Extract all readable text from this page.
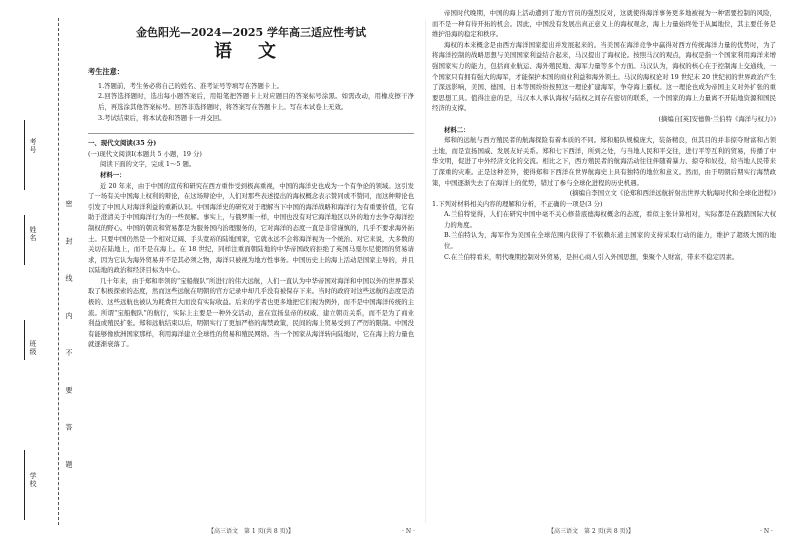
考号
姓名
班级
学校	密 封 线 内 不 要 答 题
金色阳光—2024—2025 学年高三适应性考试
语文
考生注意：

1.答题前，考生务必将自己的姓名、准考证号等填写在答题卡上。

2.回答选择题时，选出每小题答案后，用铅笔把答题卡上对应题目的答案标号涂黑。如需改动，用橡皮擦干净后，再选涂其他答案标号。回答非选择题时，将答案写在答题卡上。写在本试卷上无效。

3.考试结束后，将本试卷和答题卡一并交回。

一、现代文阅读(35 分)

(一)现代文阅读Ⅰ(本题共 5 小题，19 分)

阅读下面的文字，完成 1～5 题。

材料一：

近 20 年来，由于中国的宣传和研究在西方重作受到极高重视，中国的海洋史也成为一个有争论的领域。这引发了一场有关中国海上权利的辩论，在这场辩论中，人们对那些表述提出的海权概念表示赞同或不赞同，而这种辩论也引发了中国人对海洋利益的重新认识。中国海洋史的研究对于理解当下中国的海洋战略和海洋行为有重要价值，它有助于澄清关于中国海洋行为的一些误解。事实上，与俄罗斯一样，中国也没有对它海洋地区以外的地方去争夺海洋控制权的野心。中国的朝贡和贸易都是为服务国内治理服务的，它对海洋的态度一直是非常谨慎的，几乎不要求海外拓土。只要中国仍然是一个相对辽阔、手头宽裕的陆地国家，它就永远不会将海洋视为一个统治、对它来说，大多数的关切在陆地上，而不是在海上。在 18 世纪，同样注重面朝陆地的中华帝国政府拒绝了英国马戛尔尼使团的贸易请求，因为它认为海外贸易并不是其必须之物，海洋只被视为地方性事务。中国历史上的海上活动是国家主导的，并且以陆地的政治和经济目标为中心。

几十年来，由于郑和率领的“宝船舰队”所进行的伟大远航，人们一直认为中华帝国对海洋和中国以外的世界都采取了积极探索的态度，然而这些远航在明朝的官方记录中却几乎没有被保存下来。当时的政府对这些远航的态度是消极的、这些远航也被认为耗费巨大而没有实际收益。后来的学者也更多地把它们视为例外，而不是中国海洋传统的主流。所谓“宝船舰队”的航行，实际上主要是一种外交活动，意在宣扬皇帝的权威、建立朝贡关系，而不是为了商业利益或殖民扩张。郑和远航结束以后，明朝实行了更加严格的海禁政策，民间的海上贸易受到了严厉的限制。中国没有能够像欧洲国家那样，利用海洋建立全球性的贸易和殖民网络。当一个国家从海洋转向陆地时，它在海上的力量也就逐渐衰落了。

帝国时代晚期，中国的海上活动遭到了地方官员的强烈反对，这就使得海洋事务更多地被视为一种需要控制的风险，而不是一种有待开拓的机会。因此，中国没有发展出真正意义上的海权观念，海上力量始终处于从属地位，其主要任务是维护沿海的稳定和秩序。

海权的本来概念是由西方海洋国家提出并发展起来的。当美国在海洋竞争中赢得对西方传统海洋力量的优势时，为了将海洋控制的战略思想与美国国家利益结合起来，马汉提出了海权论。按照马汉的观点，海权是指一个国家利用海洋来增强国家实力的能力，包括商业航运、海外殖民地、海军力量等多个方面。马汉认为，海权的核心在于控制海上交通线，一个国家只有拥有强大的海军，才能保护本国的商业利益和海外领土。马汉的海权论对 19 世纪末 20 世纪初的世界政治产生了深远影响，美国、德国、日本等国纷纷按照这一理论扩建海军，争夺海上霸权。这一理论也成为帝国主义对外扩张的重要思想工具。值得注意的是，马汉本人承认海权与陆权之间存在密切的联系，一个国家的海上力量离不开陆地资源和国民经济的支撑。

(摘编自[英]安德鲁·兰伯特《海洋与权力》)

材料二：

郑和的远航与西方殖民者的航海探险有着本质的不同。郑和船队规模庞大，装备精良，但其目的并非掠夺财富和占领土地，而是宣扬国威、发展友好关系。郑和七下西洋，所到之处，与当地人民和平交往，进行平等互利的贸易，传播了中华文明，促进了中外经济文化的交流。相比之下，西方殖民者的航海活动往往伴随着暴力、掠夺和奴役，给当地人民带来了深重的灾难。正是这种差异，使得郑和下西洋在世界航海史上具有独特的地位和意义。然而，由于明朝后期实行海禁政策，中国逐渐失去了在海洋上的优势，错过了参与全球化进程的历史机遇。

(摘编自李国立文《论郑和西洋远航折射出世界大航海时代和全球化进程》)

1.下列对材料相关内容的理解和分析，不正确的一项是(3 分)

A.兰伯特觉得，人们在研究中国中毫不关心修昔底德海权概念的态度，看似主张计算相对，实际都是在践踏国际大权力的角度。

B.兰伯特认为，海军作为美国在全球范围内获得了不依赖东道主国家的支持采取行动的能力，维护了超级大国的地位。

C.在兰伯特看来，明代晚期控制对外贸易，是担心商人引入外国思想，集聚个人财富，带来不稳定因素。

【高三语文　第 1 页(共 8 页)】	· N ·	【高三语文　第 2 页(共 8 页)】	· N ·
